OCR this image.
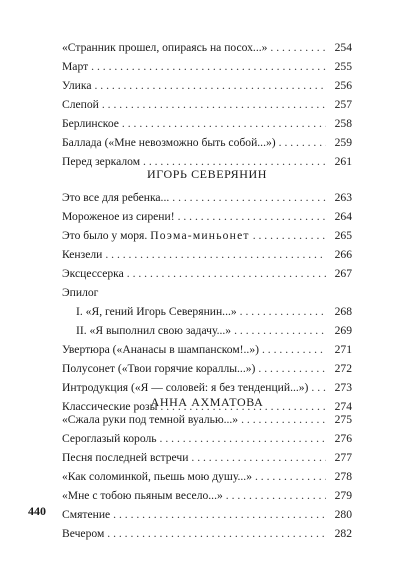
«Странник прошел, опираясь на посох...» . . .	254
Март . . .	255
Улика . . .	256
Слепой . . .	257
Берлинское . . .	258
Баллада («Мне невозможно быть собой...») . . .	259
Перед зеркалом . . .	261
ИГОРЬ СЕВЕРЯНИН
Это все для ребенка... . . .	263
Мороженое из сирени! . . .	264
Это было у моря. Поэма-миньонет . . .	265
Кензели . . .	266
Эксцессерка . . .	267
Эпилог
I. «Я, гений Игорь Северянин...» . . .	268
II. «Я выполнил свою задачу...» . . .	269
Увертюра («Ананасы в шампанском!..») . . .	271
Полусонет («Твои горячие кораллы...») . . .	272
Интродукция («Я — соловей: я без тенденций...») . . .	273
Классические розы . . .	274
АННА АХМАТОВА
«Сжала руки под темной вуалью...» . . .	275
Сероглазый король . . .	276
Песня последней встречи . . .	277
«Как соломинкой, пьешь мою душу...» . . .	278
«Мне с тобою пьяным весело...» . . .	279
Смятение . . .	280
Вечером . . .	282
440
